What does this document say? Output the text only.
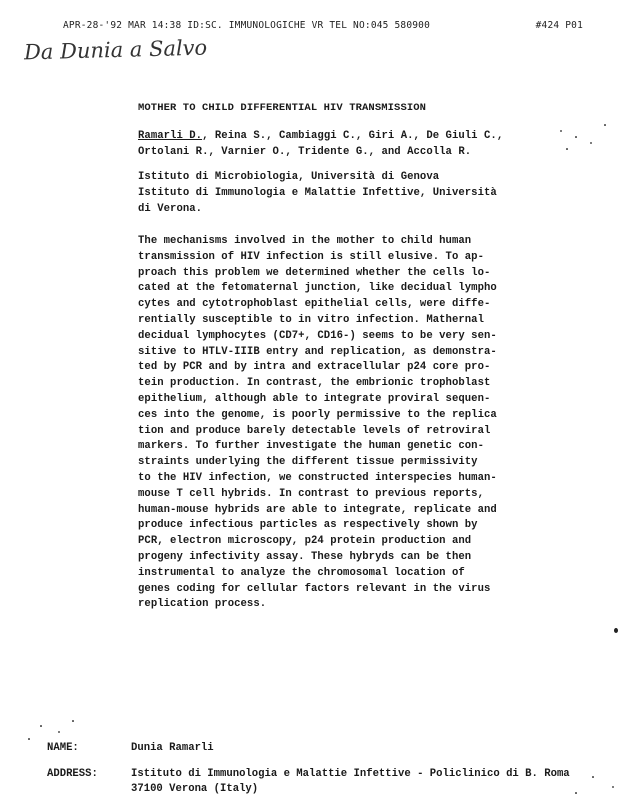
APR-28-'92 MAR 14:38 ID:SC. IMMUNOLOGICHE VR TEL NO:045 580900	#424 P01
Da Dunia a Salvo
MOTHER TO CHILD DIFFERENTIAL HIV TRANSMISSION
Ramarli D., Reina S., Cambiaggi C., Giri A., De Giuli C.,
Ortolani R., Varnier O., Tridente G., and Accolla R.
Istituto di Microbiologia, Università di Genova
Istituto di Immunologia e Malattie Infettive, Università
di Verona.
The mechanisms involved in the mother to child human
transmission of HIV infection is still elusive. To ap-
proach this problem we determined whether the cells lo-
cated at the fetomaternal junction, like decidual lympho
cytes and cytotrophoblast epithelial cells, were diffe-
rentially susceptible to in vitro infection. Mathernal
decidual lymphocytes (CD7+, CD16-) seems to be very sen-
sitive to HTLV-IIIB entry and replication, as demonstra-
ted by PCR and by intra and extracellular p24 core pro-
tein production. In contrast, the embrionic trophoblast
epithelium, although able to integrate proviral sequen-
ces into the genome, is poorly permissive to the replica
tion and produce barely detectable levels of retroviral
markers. To further investigate the human genetic con-
straints underlying the different tissue permissivity
to the HIV infection, we constructed interspecies human-
mouse T cell hybrids. In contrast to previous reports,
human-mouse hybrids are able to integrate, replicate and
produce infectious particles as respectively shown by
PCR, electron microscopy, p24 protein production and
progeny infectivity assay. These hybryds can be then
instrumental to analyze the chromosomal location of
genes coding for cellular factors relevant in the virus
replication process.
NAME:	Dunia Ramarli
ADDRESS:	Istituto di Immunologia e Malattie Infettive - Policlinico di B. Roma
37100 Verona (Italy)
